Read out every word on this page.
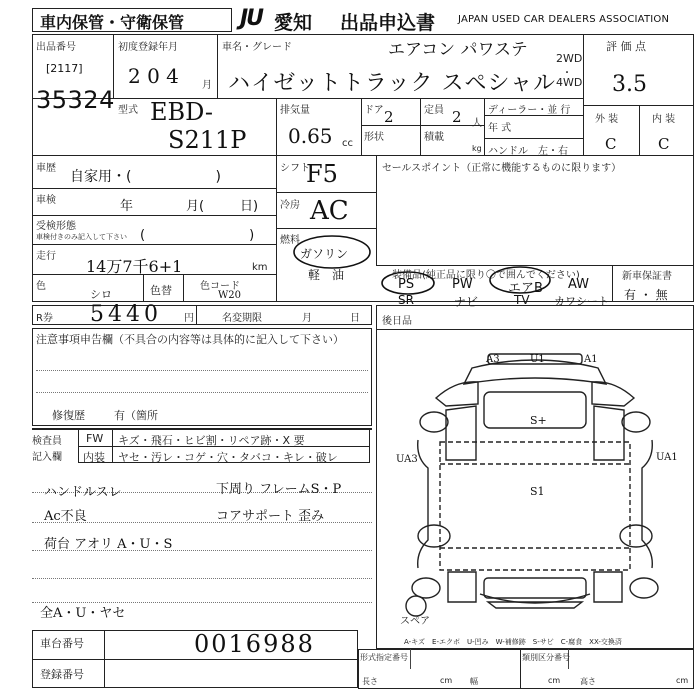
車内保管・守衛保管	JU 愛知 出品申込書 JAPAN USED CAR DEALERS ASSOCIATION
出品番号
[2117]
35324
初度登録年月
2 0 4 月
車名・グレード	エアコン パワステ
ハイゼットトラック スペシャル
2WD
・
4WD
評 価 点
3.5
外 装	内 装
C	C
型式 EBD-
S211P
排気量
0.65 cc
ドア 2	定員 2 人
形状	積載
kg
ディーラー・並 行
年 式
ハンドル　左・右
車歴
自家用・(　　　　　　)
車検	年	月(	日)
受検形態
車検付きのみ記入して下さい (　　　　　　　　)
走行
14万7千6+1	km
色
シロ	色替	色コード
W20
シフト
F5
冷房 AC
燃料
ガソリン
軽　油
セールスポイント（正常に機能するものに限ります）
装備品(純正品に限り〇で囲んでください)	新車保証書
有 ・ 無
PS	PW	エアB AW
SR	ナビ	TV カワシート
R券 5440 円	名変期限	月	日
注意事項申告欄（不具合の内容等は具体的に記入して下さい）
修復歴	有（箇所
検査員
記入欄
FW キズ・飛石・ヒビ割・リペア跡・X 要
内装 ヤセ・汚レ・コゲ・穴・タバコ・キレ・破レ
ハンドルスレ
Ac不良
荷台 アオリ A・U・S
全A・U・ヤセ
下周り フレームS・P
コアサポート 歪み
後日品
A3	U1	A1
S+
UA3	UA1
S1
スペア
A-キズ　E-エクボ　U-凹み　W-補修跡　S-サビ　C-腐食　XX-交換済
車台番号	0016988
登録番号
形式指定番号	類別区分番号
長さ	幅	高さ
cm	cm	cm
